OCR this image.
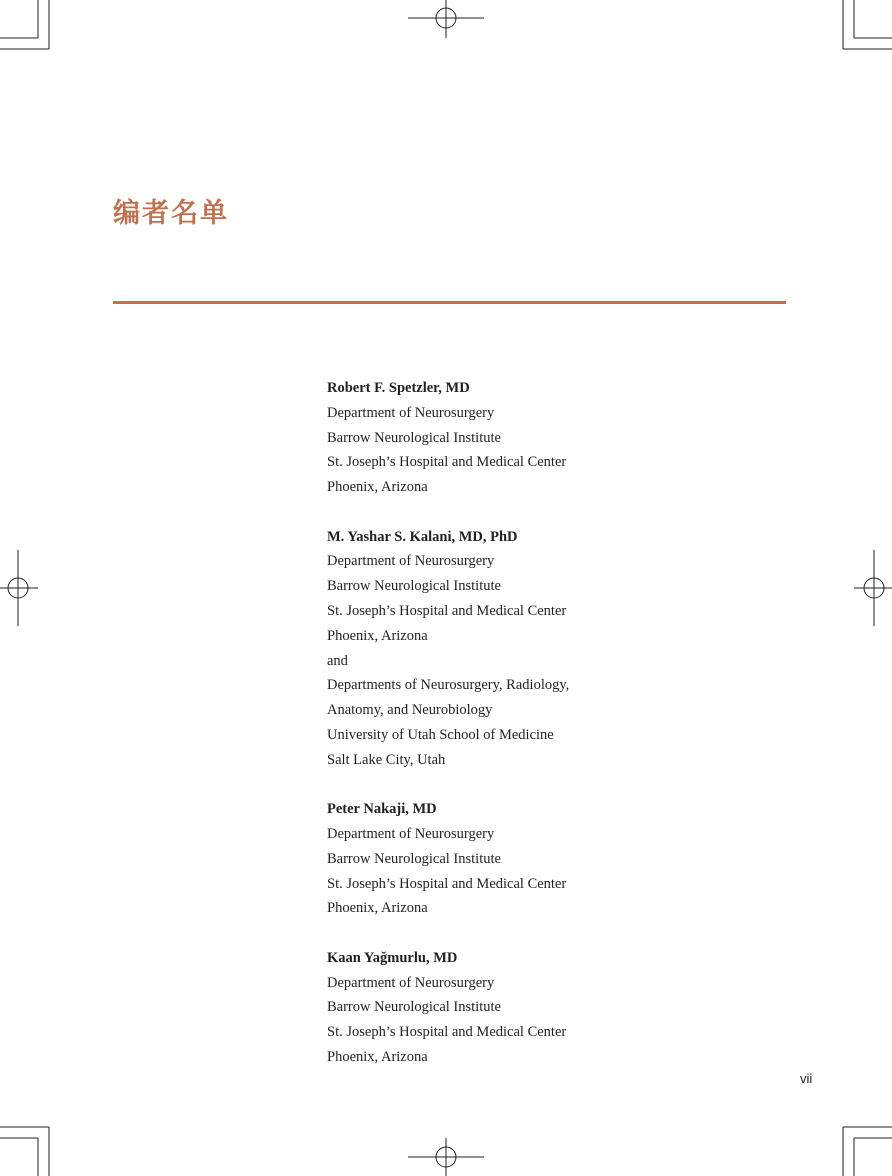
编者名单
Robert F. Spetzler, MD
Department of Neurosurgery
Barrow Neurological Institute
St. Joseph’s Hospital and Medical Center
Phoenix, Arizona
M. Yashar S. Kalani, MD, PhD
Department of Neurosurgery
Barrow Neurological Institute
St. Joseph’s Hospital and Medical Center
Phoenix, Arizona
and
Departments of Neurosurgery, Radiology,
Anatomy, and Neurobiology
University of Utah School of Medicine
Salt Lake City, Utah
Peter Nakaji, MD
Department of Neurosurgery
Barrow Neurological Institute
St. Joseph’s Hospital and Medical Center
Phoenix, Arizona
Kaan Yağmurlu, MD
Department of Neurosurgery
Barrow Neurological Institute
St. Joseph’s Hospital and Medical Center
Phoenix, Arizona
vii
